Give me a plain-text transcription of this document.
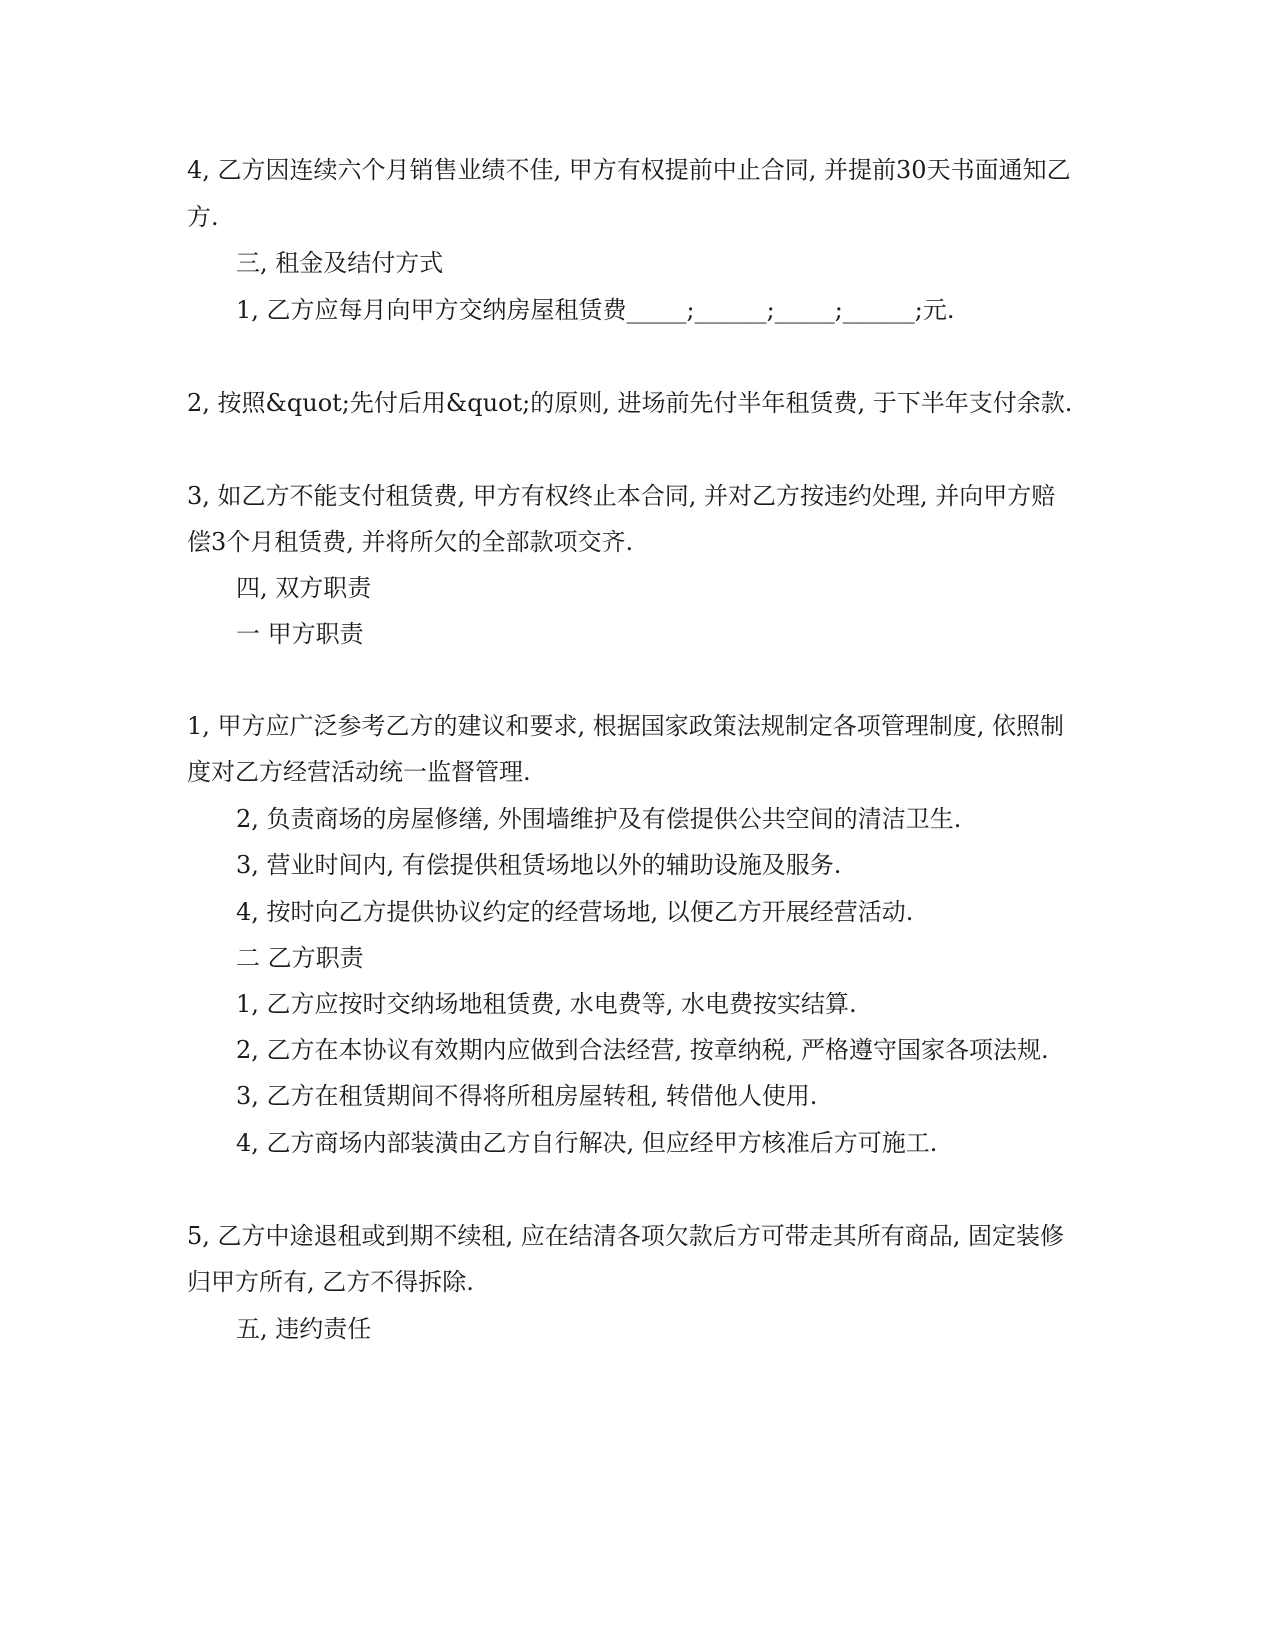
4, 乙方因连续六个月销售业绩不佳, 甲方有权提前中止合同, 并提前30天书面通知乙
方.
三, 租金及结付方式
1, 乙方应每月向甲方交纳房屋租赁费_____;______;_____;______;元.
2, 按照&quot;先付后用&quot;的原则, 进场前先付半年租赁费, 于下半年支付余款.
3, 如乙方不能支付租赁费, 甲方有权终止本合同, 并对乙方按违约处理, 并向甲方赔
偿3个月租赁费, 并将所欠的全部款项交齐.
四, 双方职责
一 甲方职责
1, 甲方应广泛参考乙方的建议和要求, 根据国家政策法规制定各项管理制度, 依照制
度对乙方经营活动统一监督管理.
2, 负责商场的房屋修缮, 外围墙维护及有偿提供公共空间的清洁卫生.
3, 营业时间内, 有偿提供租赁场地以外的辅助设施及服务.
4, 按时向乙方提供协议约定的经营场地, 以便乙方开展经营活动.
二 乙方职责
1, 乙方应按时交纳场地租赁费, 水电费等, 水电费按实结算.
2, 乙方在本协议有效期内应做到合法经营, 按章纳税, 严格遵守国家各项法规.
3, 乙方在租赁期间不得将所租房屋转租, 转借他人使用.
4, 乙方商场内部装潢由乙方自行解决, 但应经甲方核准后方可施工.
5, 乙方中途退租或到期不续租, 应在结清各项欠款后方可带走其所有商品, 固定装修
归甲方所有, 乙方不得拆除.
五, 违约责任
